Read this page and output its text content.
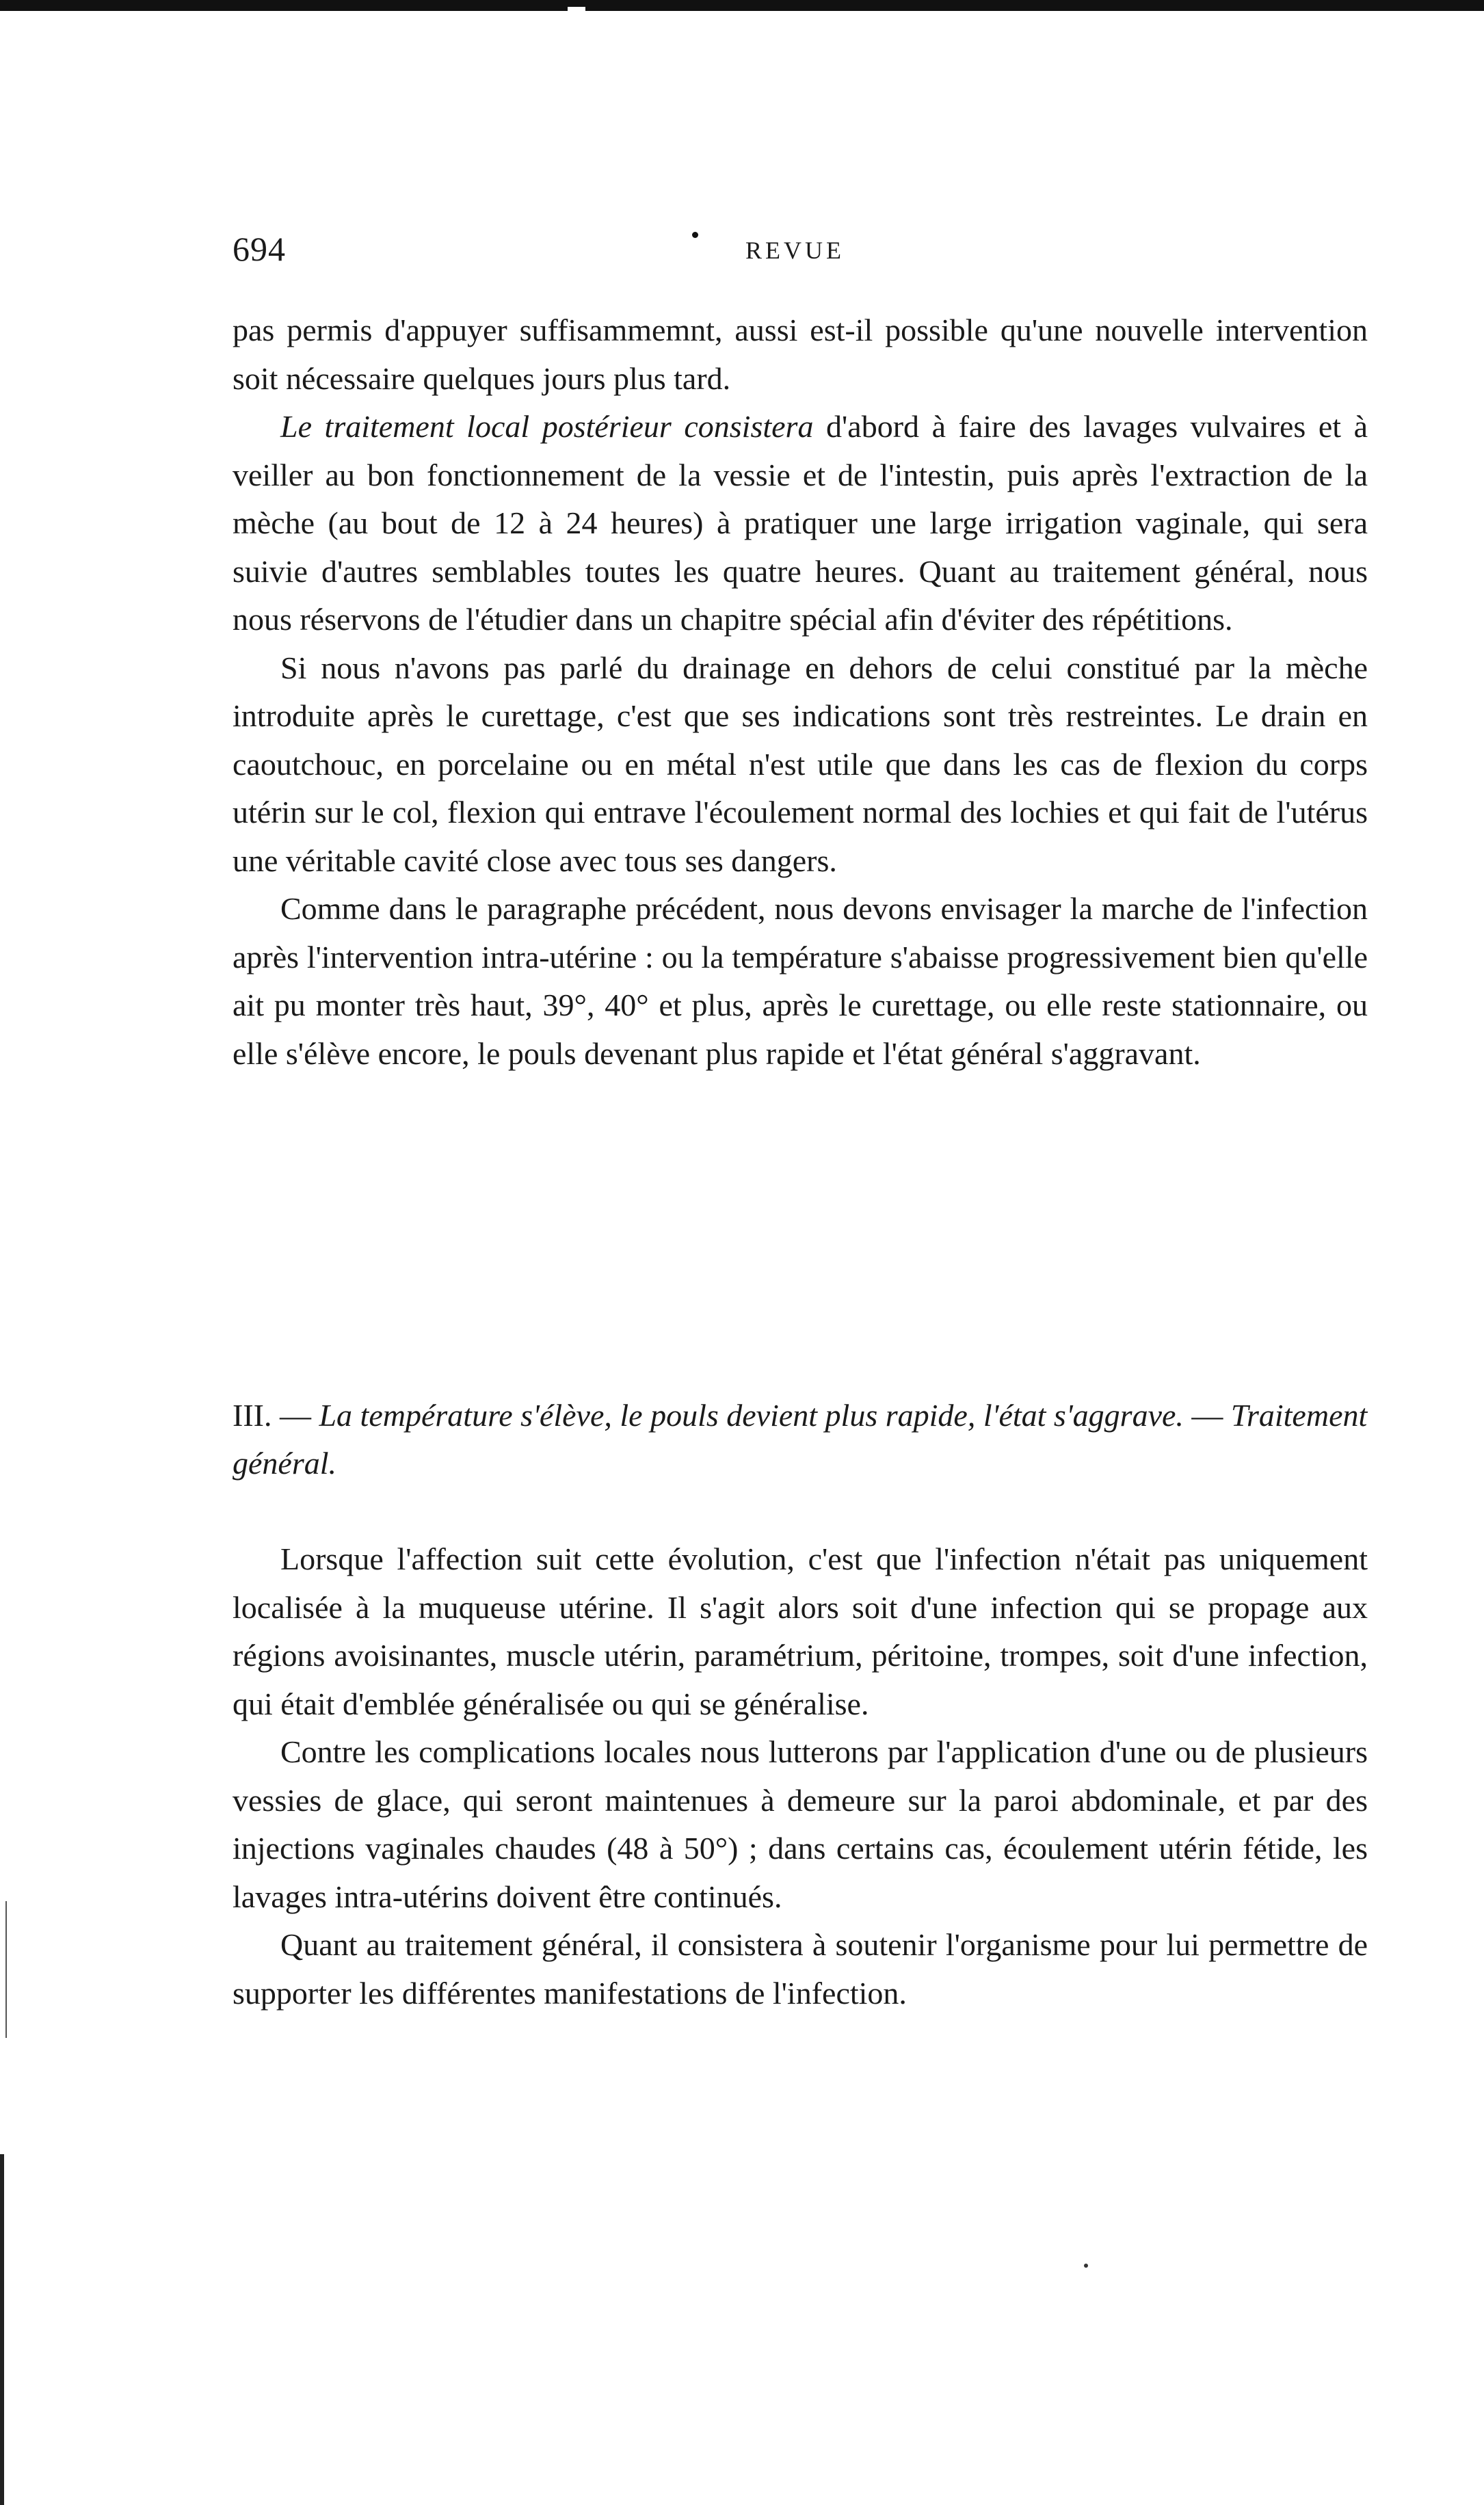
694	REVUE

pas permis d'appuyer suffisammemnt, aussi est-il possible qu'une nouvelle intervention soit nécessaire quelques jours plus tard.

Le traitement local postérieur consistera d'abord à faire des lavages vulvaires et à veiller au bon fonctionnement de la vessie et de l'intestin, puis après l'extraction de la mèche (au bout de 12 à 24 heures) à pratiquer une large irrigation vaginale, qui sera suivie d'autres semblables toutes les quatre heures. Quant au traitement général, nous nous réservons de l'étudier dans un chapitre spécial afin d'éviter des répétitions.

Si nous n'avons pas parlé du drainage en dehors de celui constitué par la mèche introduite après le curettage, c'est que ses indications sont très restreintes. Le drain en caoutchouc, en porcelaine ou en métal n'est utile que dans les cas de flexion du corps utérin sur le col, flexion qui entrave l'écoulement normal des lochies et qui fait de l'utérus une véritable cavité close avec tous ses dangers.

Comme dans le paragraphe précédent, nous devons envisager la marche de l'infection après l'intervention intra-utérine : ou la température s'abaisse progressivement bien qu'elle ait pu monter très haut, 39°, 40° et plus, après le curettage, ou elle reste stationnaire, ou elle s'élève encore, le pouls devenant plus rapide et l'état général s'aggravant.

III. — La température s'élève, le pouls devient plus rapide, l'état s'aggrave. — Traitement général.

Lorsque l'affection suit cette évolution, c'est que l'infection n'était pas uniquement localisée à la muqueuse utérine. Il s'agit alors soit d'une infection qui se propage aux régions avoisinantes, muscle utérin, paramétrium, péritoine, trompes, soit d'une infection, qui était d'emblée généralisée ou qui se généralise.

Contre les complications locales nous lutterons par l'application d'une ou de plusieurs vessies de glace, qui seront maintenues à demeure sur la paroi abdominale, et par des injections vaginales chaudes (48 à 50°) ; dans certains cas, écoulement utérin fétide, les lavages intra-utérins doivent être continués.

Quant au traitement général, il consistera à soutenir l'organisme pour lui permettre de supporter les différentes manifestations de l'infection.
